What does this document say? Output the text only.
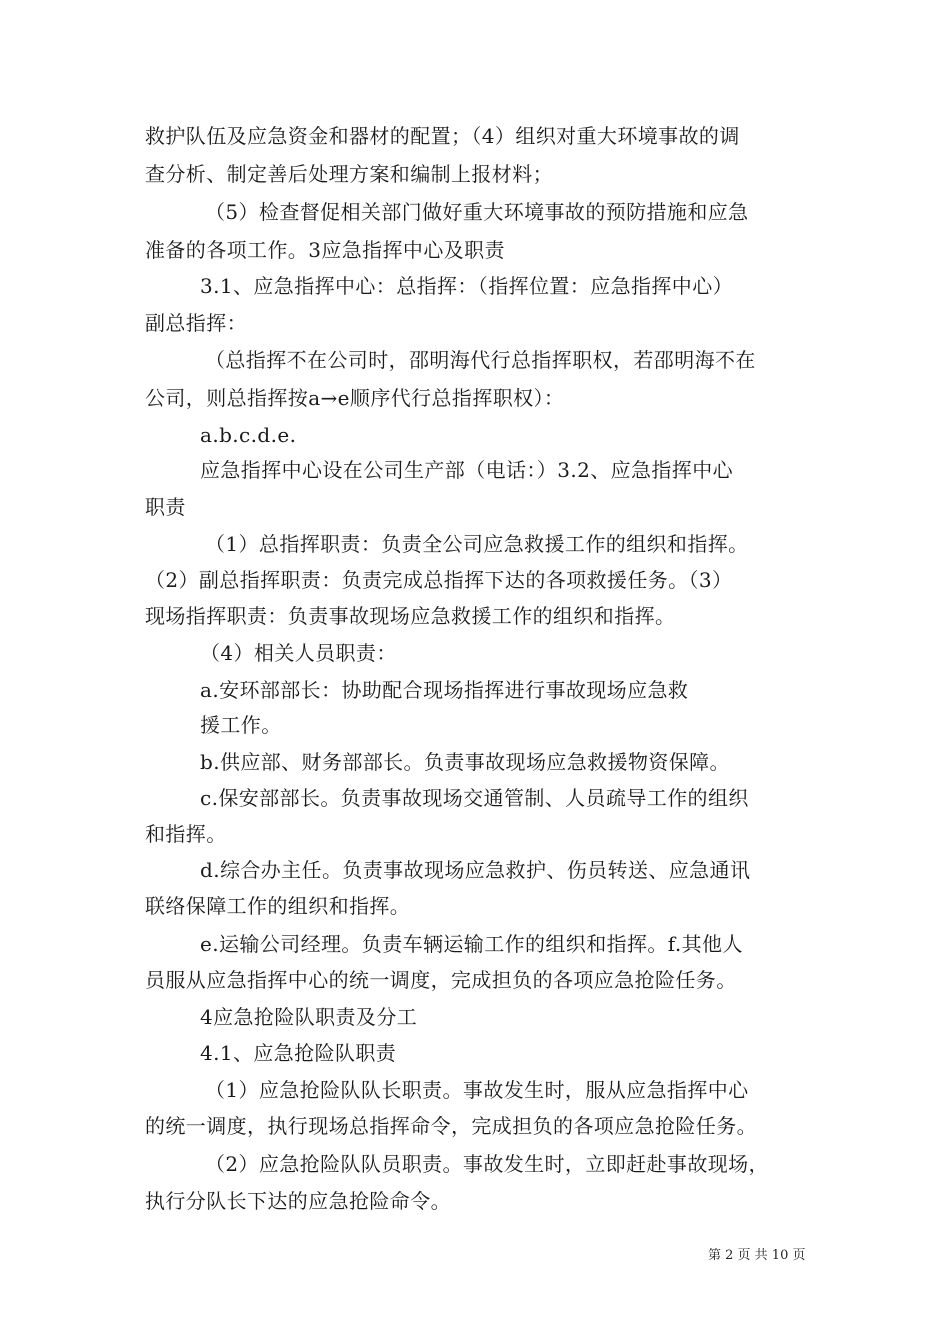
救护队伍及应急资金和器材的配置；（4）组织对重大环境事故的调
查分析、制定善后处理方案和编制上报材料；
（5）检查督促相关部门做好重大环境事故的预防措施和应急
准备的各项工作。3应急指挥中心及职责
3.1、应急指挥中心：总指挥：（指挥位置：应急指挥中心）
副总指挥：
（总指挥不在公司时，邵明海代行总指挥职权，若邵明海不在
公司，则总指挥按a→e顺序代行总指挥职权）：
a.b.c.d.e.
应急指挥中心设在公司生产部（电话：）3.2、应急指挥中心
职责
（1）总指挥职责：负责全公司应急救援工作的组织和指挥。
（2）副总指挥职责：负责完成总指挥下达的各项救援任务。（3）
现场指挥职责：负责事故现场应急救援工作的组织和指挥。
（4）相关人员职责：
a.安环部部长：协助配合现场指挥进行事故现场应急救
援工作。
b.供应部、财务部部长。负责事故现场应急救援物资保障。
c.保安部部长。负责事故现场交通管制、人员疏导工作的组织
和指挥。
d.综合办主任。负责事故现场应急救护、伤员转送、应急通讯
联络保障工作的组织和指挥。
e.运输公司经理。负责车辆运输工作的组织和指挥。f.其他人
员服从应急指挥中心的统一调度，完成担负的各项应急抢险任务。
4应急抢险队职责及分工
4.1、应急抢险队职责
（1）应急抢险队队长职责。事故发生时，服从应急指挥中心
的统一调度，执行现场总指挥命令，完成担负的各项应急抢险任务。
（2）应急抢险队队员职责。事故发生时，立即赶赴事故现场，
执行分队长下达的应急抢险命令。
第 2 页 共 10 页
